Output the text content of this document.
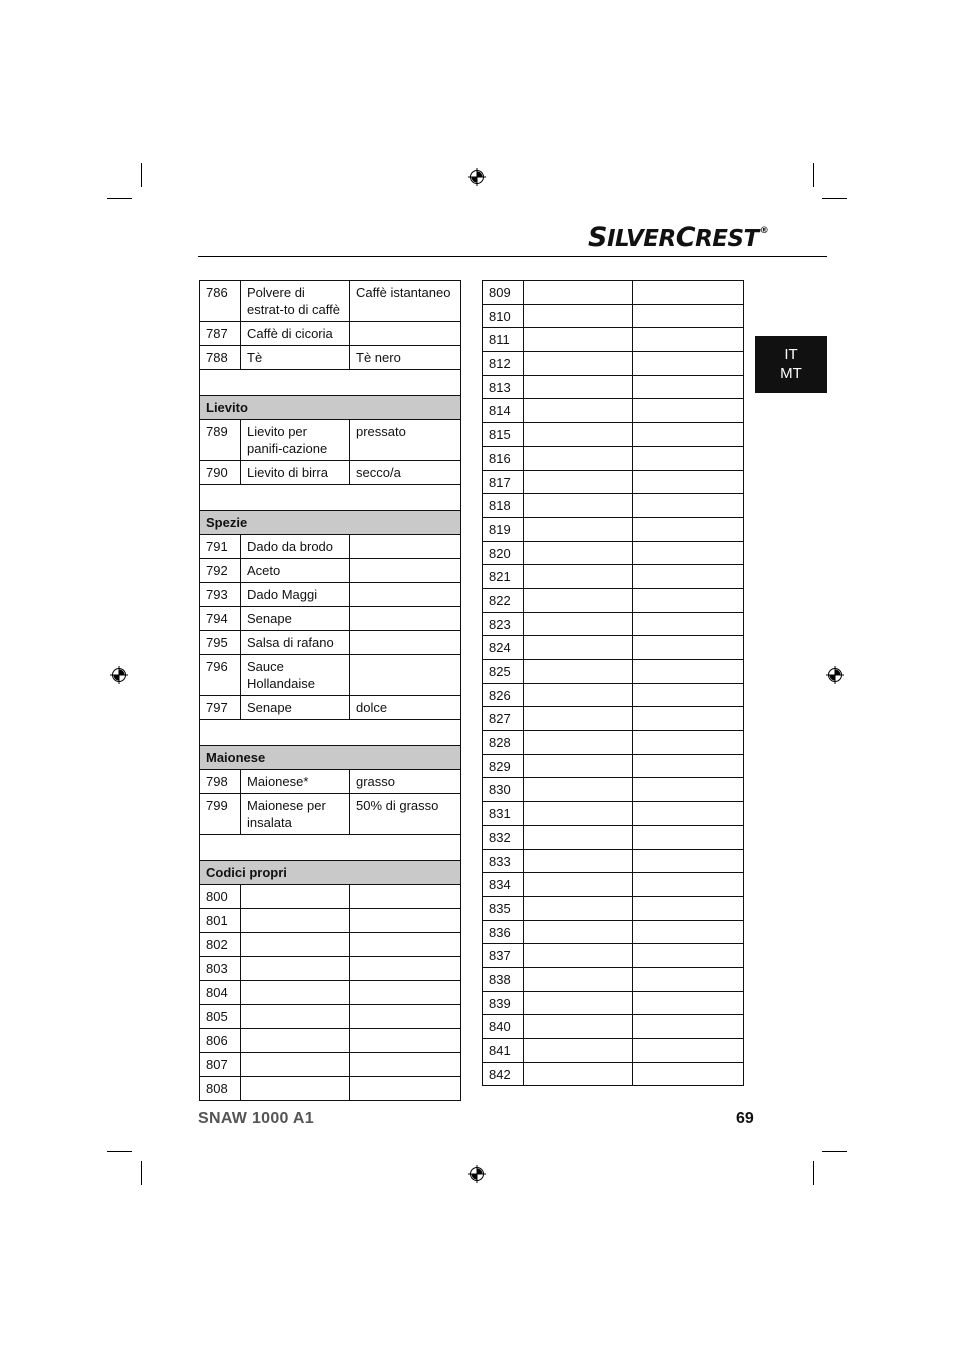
SILVERCREST®
IT
MT
786	Polvere di estrat-to di caffè	Caffè istantaneo
787	Caffè di cicoria	
788	Tè	Tè nero

Lievito		
789	Lievito per panifi-cazione	pressato
790	Lievito di birra	secco/a

Spezie		
791	Dado da brodo	
792	Aceto	
793	Dado Maggi	
794	Senape	
795	Salsa di rafano	
796	Sauce Hollandaise	
797	Senape	dolce

Maionese		
798	Maionese*	grasso
799	Maionese per insalata	50% di grasso

Codici propri		
800		
801		
802		
803		
804		
805		
806		
807		
808		
809		
810		
811		
812		
813		
814		
815		
816		
817		
818		
819		
820		
821		
822		
823		
824		
825		
826		
827		
828		
829		
830		
831		
832		
833		
834		
835		
836		
837		
838		
839		
840		
841		
842		
SNAW 1000 A1	69
